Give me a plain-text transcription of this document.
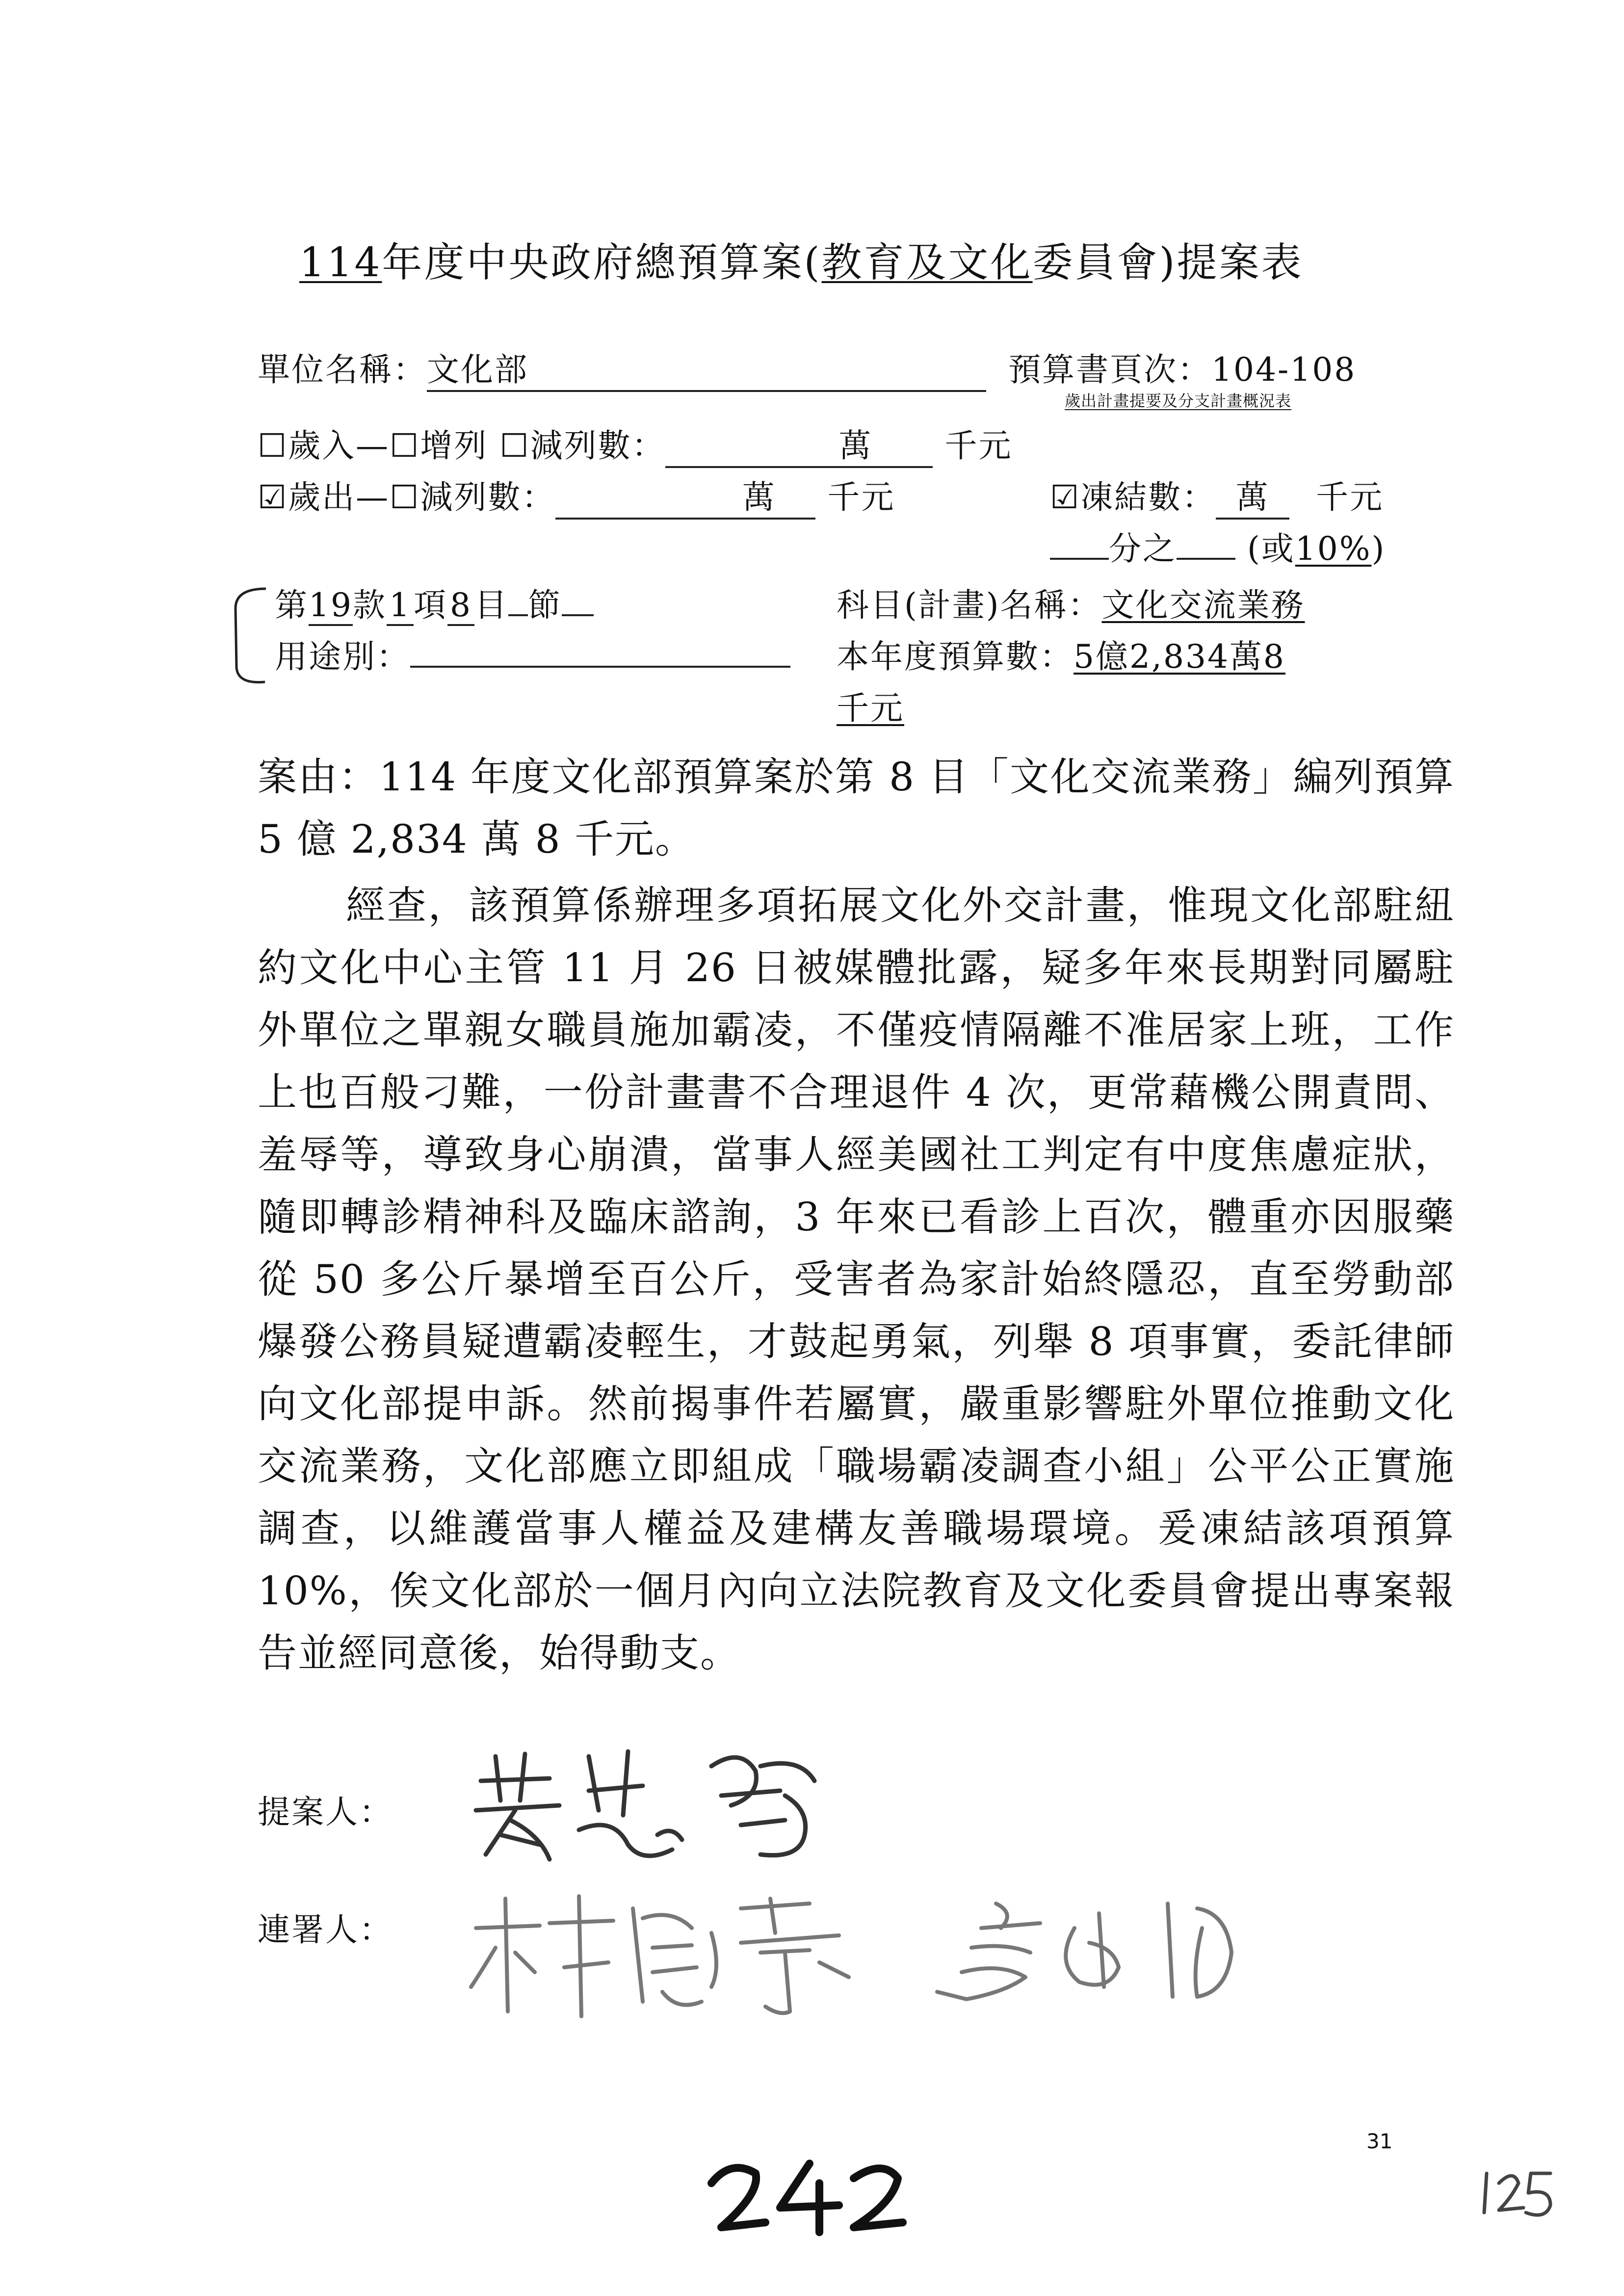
114年度中央政府總預算案(教育及文化委員會)提案表
單位名稱：文化部	預算書頁次：104-108
歲出計畫提要及分支計畫概況表
☐歲入—☐增列 ☐減列數：	萬 千元
☑歲出—☐減列數：	萬 千元	☑凍結數： 萬 千元
分之 (或10%)
第19款1項8目 節	科目(計畫)名稱：文化交流業務
用途別：	本年度預算數：5億2,834萬8
千元

案由：114 年度文化部預算案於第 8 目「文化交流業務」編列預算 5 億 2,834 萬 8 千元。

經查，該預算係辦理多項拓展文化外交計畫，惟現文化部駐紐約文化中心主管 11 月 26 日被媒體批露，疑多年來長期對同屬駐外單位之單親女職員施加霸凌，不僅疫情隔離不准居家上班，工作上也百般刁難，一份計畫書不合理退件 4 次，更常藉機公開責問、羞辱等，導致身心崩潰，當事人經美國社工判定有中度焦慮症狀，隨即轉診精神科及臨床諮詢，3 年來已看診上百次，體重亦因服藥從 50 多公斤暴增至百公斤，受害者為家計始終隱忍，直至勞動部爆發公務員疑遭霸凌輕生，才鼓起勇氣，列舉 8 項事實，委託律師向文化部提申訴。然前揭事件若屬實，嚴重影響駐外單位推動文化交流業務，文化部應立即組成「職場霸凌調查小組」公平公正實施調查，以維護當事人權益及建構友善職場環境。爰凍結該項預算 10%，俟文化部於一個月內向立法院教育及文化委員會提出專案報告並經同意後，始得動支。

提案人：
連署人：
31
